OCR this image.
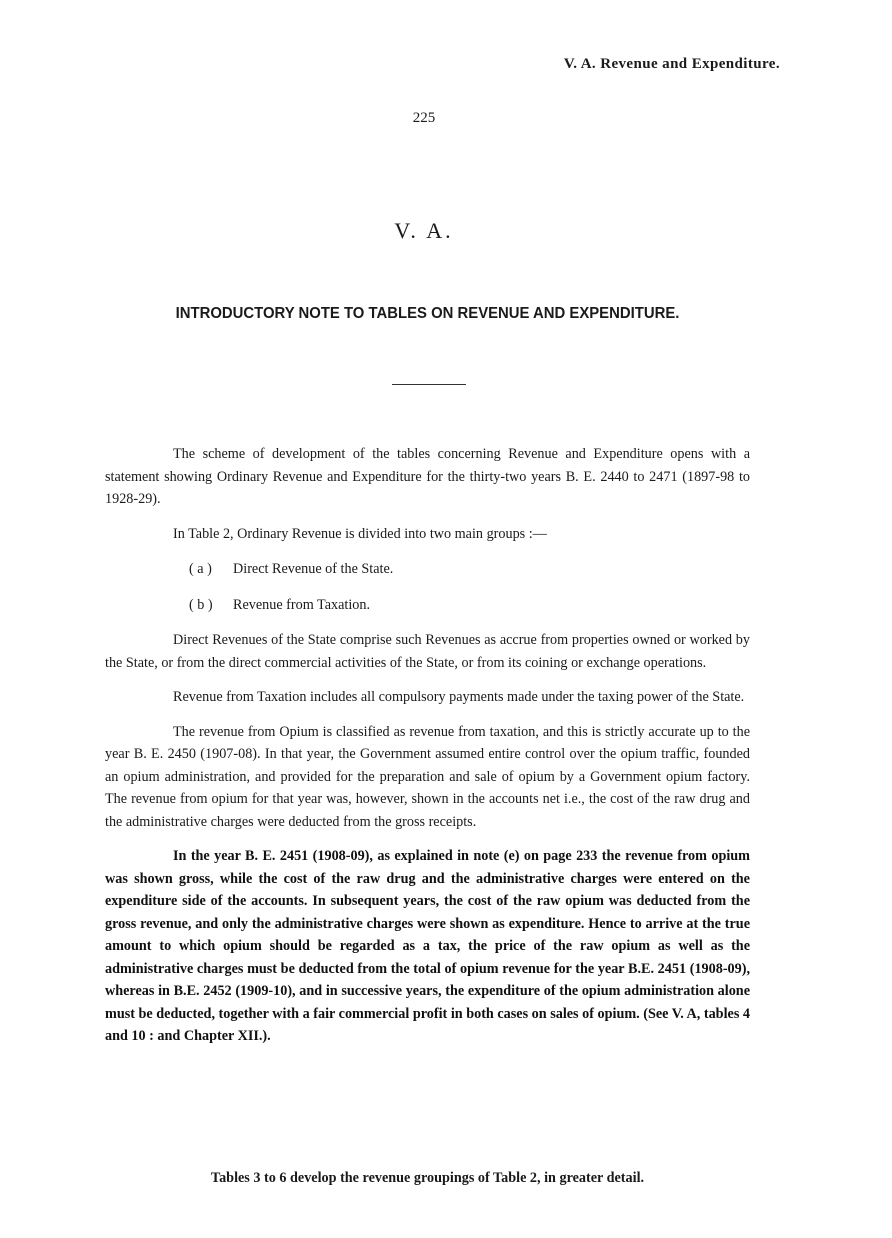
V. A. Revenue and Expenditure.
225
V. A.
INTRODUCTORY NOTE TO TABLES ON REVENUE AND EXPENDITURE.

The scheme of development of the tables concerning Revenue and Expenditure opens with a statement showing Ordinary Revenue and Expenditure for the thirty-two years B. E. 2440 to 2471 (1897-98 to 1928-29).

In Table 2, Ordinary Revenue is divided into two main groups :—

( a ) Direct Revenue of the State.
( b ) Revenue from Taxation.

Direct Revenues of the State comprise such Revenues as accrue from properties owned or worked by the State, or from the direct commercial activities of the State, or from its coining or exchange operations.

Revenue from Taxation includes all compulsory payments made under the taxing power of the State.

The revenue from Opium is classified as revenue from taxation, and this is strictly accurate up to the year B. E. 2450 (1907-08). In that year, the Government assumed entire control over the opium traffic, founded an opium administration, and provided for the preparation and sale of opium by a Government opium factory. The revenue from opium for that year was, however, shown in the accounts net i.e., the cost of the raw drug and the administrative charges were deducted from the gross receipts.

In the year B. E. 2451 (1908-09), as explained in note (e) on page 233 the revenue from opium was shown gross, while the cost of the raw drug and the administrative charges were entered on the expenditure side of the accounts. In subsequent years, the cost of the raw opium was deducted from the gross revenue, and only the administrative charges were shown as expenditure. Hence to arrive at the true amount to which opium should be regarded as a tax, the price of the raw opium as well as the administrative charges must be deducted from the total of opium revenue for the year B.E. 2451 (1908-09), whereas in B.E. 2452 (1909-10), and in successive years, the expenditure of the opium administration alone must be deducted, together with a fair commercial profit in both cases on sales of opium. (See V. A, tables 4 and 10 : and Chapter XII.).

Tables 3 to 6 develop the revenue groupings of Table 2, in greater detail.
